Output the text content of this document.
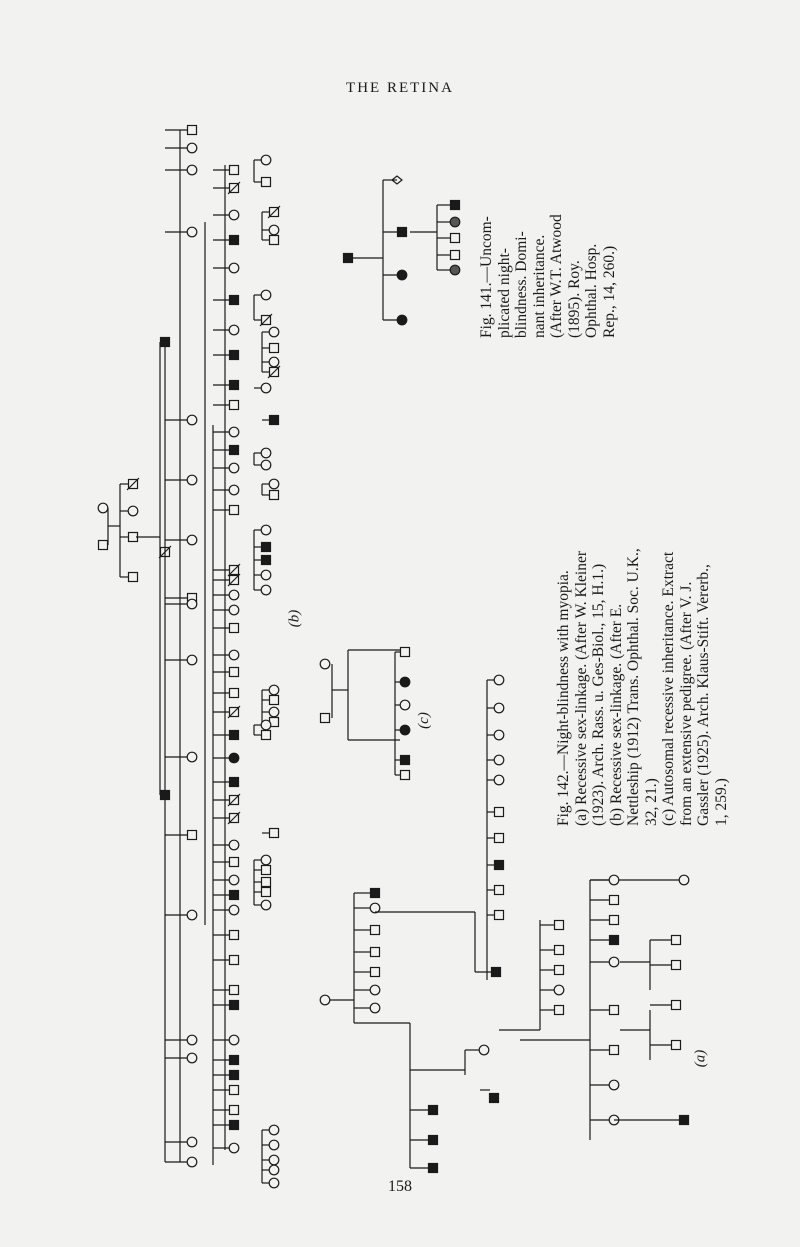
THE RETINA

Fig. 141.—Uncom- plicated night- blindness. Domi- nant inheritance. (After W.T. Atwood (1895). Roy. Ophthal. Hosp. Rep., 14, 260.)

Fig. 142.—Night-blindness with myopia. (a) Recessive sex-linkage. (After W. Kleiner (1923). Arch. Rass. u. Ges-Biol., 15, H.1.) (b) Recessive sex-linkage. (After E. Nettleship (1912) Trans. Ophthal. Soc. U.K., 32, 21.) (c) Autosomal recessive inheritance. Extract from an extensive pedigree. (After V. J. Gassler (1925). Arch. Klaus-Stift. Vererb., 1, 259.)

(b)
(c)
(a)
158
